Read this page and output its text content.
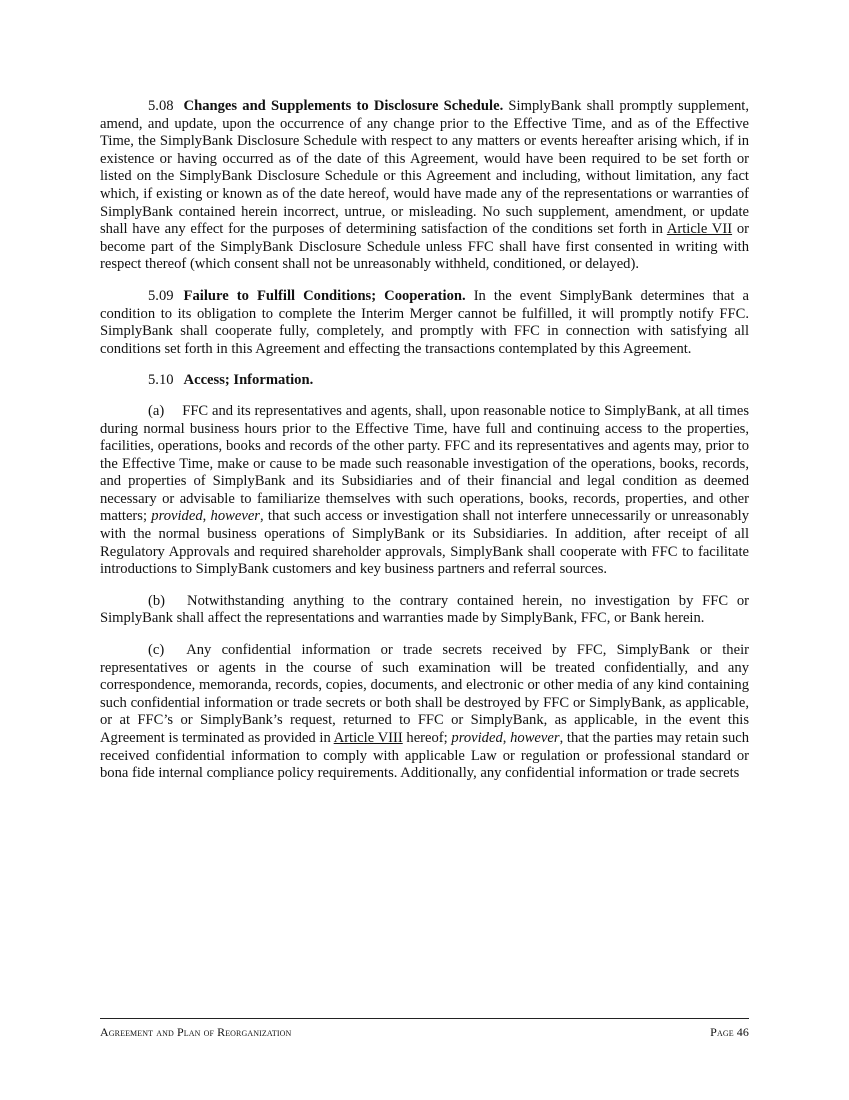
5.08 Changes and Supplements to Disclosure Schedule. SimplyBank shall promptly supplement, amend, and update, upon the occurrence of any change prior to the Effective Time, and as of the Effective Time, the SimplyBank Disclosure Schedule with respect to any matters or events hereafter arising which, if in existence or having occurred as of the date of this Agreement, would have been required to be set forth or listed on the SimplyBank Disclosure Schedule or this Agreement and including, without limitation, any fact which, if existing or known as of the date hereof, would have made any of the representations or warranties of SimplyBank contained herein incorrect, untrue, or misleading. No such supplement, amendment, or update shall have any effect for the purposes of determining satisfaction of the conditions set forth in Article VII or become part of the SimplyBank Disclosure Schedule unless FFC shall have first consented in writing with respect thereof (which consent shall not be unreasonably withheld, conditioned, or delayed).

5.09 Failure to Fulfill Conditions; Cooperation. In the event SimplyBank determines that a condition to its obligation to complete the Interim Merger cannot be fulfilled, it will promptly notify FFC. SimplyBank shall cooperate fully, completely, and promptly with FFC in connection with satisfying all conditions set forth in this Agreement and effecting the transactions contemplated by this Agreement.

5.10 Access; Information.

(a) FFC and its representatives and agents, shall, upon reasonable notice to SimplyBank, at all times during normal business hours prior to the Effective Time, have full and continuing access to the properties, facilities, operations, books and records of the other party. FFC and its representatives and agents may, prior to the Effective Time, make or cause to be made such reasonable investigation of the operations, books, records, and properties of SimplyBank and its Subsidiaries and of their financial and legal condition as deemed necessary or advisable to familiarize themselves with such operations, books, records, properties, and other matters; provided, however, that such access or investigation shall not interfere unnecessarily or unreasonably with the normal business operations of SimplyBank or its Subsidiaries. In addition, after receipt of all Regulatory Approvals and required shareholder approvals, SimplyBank shall cooperate with FFC to facilitate introductions to SimplyBank customers and key business partners and referral sources.

(b) Notwithstanding anything to the contrary contained herein, no investigation by FFC or SimplyBank shall affect the representations and warranties made by SimplyBank, FFC, or Bank herein.

(c) Any confidential information or trade secrets received by FFC, SimplyBank or their representatives or agents in the course of such examination will be treated confidentially, and any correspondence, memoranda, records, copies, documents, and electronic or other media of any kind containing such confidential information or trade secrets or both shall be destroyed by FFC or SimplyBank, as applicable, or at FFC’s or SimplyBank’s request, returned to FFC or SimplyBank, as applicable, in the event this Agreement is terminated as provided in Article VIII hereof; provided, however, that the parties may retain such received confidential information to comply with applicable Law or regulation or professional standard or bona fide internal compliance policy requirements. Additionally, any confidential information or trade secrets

Agreement and Plan of Reorganization	Page 46
